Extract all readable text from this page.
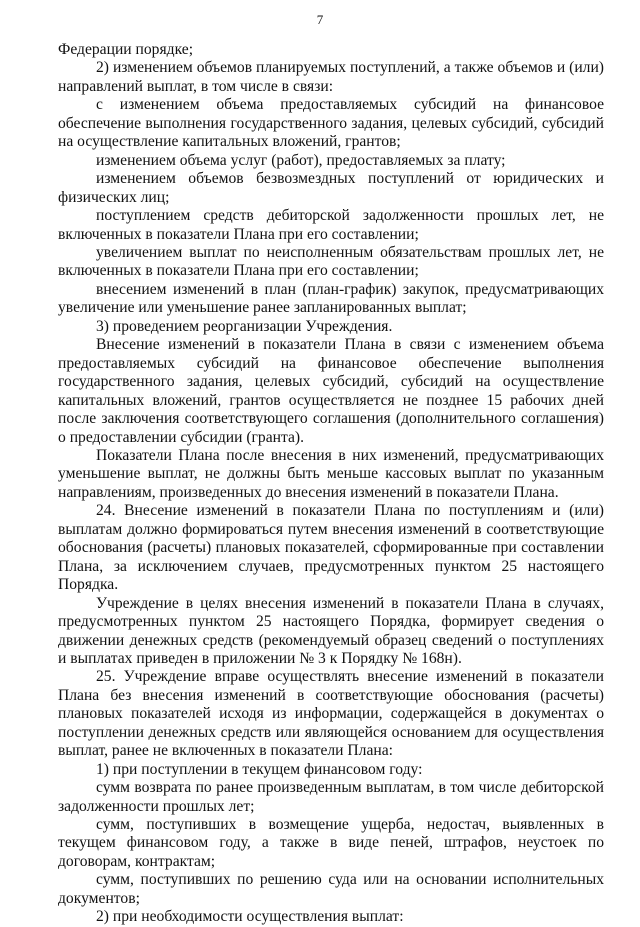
7

Федерации порядке;

2) изменением объемов планируемых поступлений, а также объемов и (или) направлений выплат, в том числе в связи:

с изменением объема предоставляемых субсидий на финансовое обеспечение выполнения государственного задания, целевых субсидий, субсидий на осуществление капитальных вложений, грантов;

изменением объема услуг (работ), предоставляемых за плату;

изменением объемов безвозмездных поступлений от юридических и физических лиц;

поступлением средств дебиторской задолженности прошлых лет, не включенных в показатели Плана при его составлении;

увеличением выплат по неисполненным обязательствам прошлых лет, не включенных в показатели Плана при его составлении;

внесением изменений в план (план-график) закупок, предусматривающих увеличение или уменьшение ранее запланированных выплат;

3) проведением реорганизации Учреждения.

Внесение изменений в показатели Плана в связи с изменением объема предоставляемых субсидий на финансовое обеспечение выполнения государственного задания, целевых субсидий, субсидий на осуществление капитальных вложений, грантов осуществляется не позднее 15 рабочих дней после заключения соответствующего соглашения (дополнительного соглашения) о предоставлении субсидии (гранта).

Показатели Плана после внесения в них изменений, предусматривающих уменьшение выплат, не должны быть меньше кассовых выплат по указанным направлениям, произведенных до внесения изменений в показатели Плана.

24. Внесение изменений в показатели Плана по поступлениям и (или) выплатам должно формироваться путем внесения изменений в соответствующие обоснования (расчеты) плановых показателей, сформированные при составлении Плана, за исключением случаев, предусмотренных пунктом 25 настоящего Порядка.

Учреждение в целях внесения изменений в показатели Плана в случаях, предусмотренных пунктом 25 настоящего Порядка, формирует сведения о движении денежных средств (рекомендуемый образец сведений о поступлениях и выплатах приведен в приложении № 3 к Порядку № 168н).

25. Учреждение вправе осуществлять внесение изменений в показатели Плана без внесения изменений в соответствующие обоснования (расчеты) плановых показателей исходя из информации, содержащейся в документах о поступлении денежных средств или являющейся основанием для осуществления выплат, ранее не включенных в показатели Плана:

1) при поступлении в текущем финансовом году:

сумм возврата по ранее произведенным выплатам, в том числе дебиторской задолженности прошлых лет;

сумм, поступивших в возмещение ущерба, недостач, выявленных в текущем финансовом году, а также в виде пеней, штрафов, неустоек по договорам, контрактам;

сумм, поступивших по решению суда или на основании исполнительных документов;

2) при необходимости осуществления выплат:
